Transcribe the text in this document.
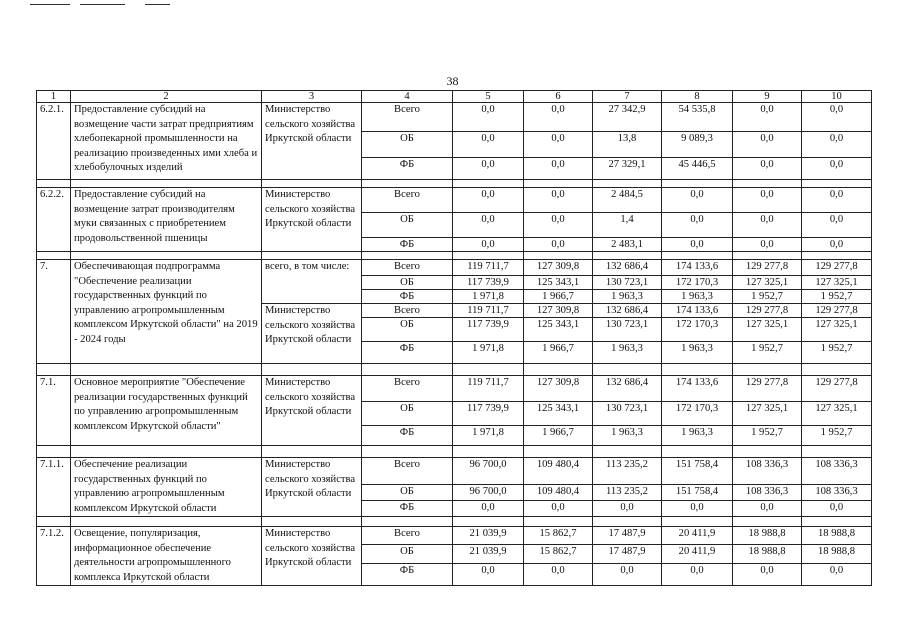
38
1	2	3	4	5	6	7	8	9	10
6.2.1.	Предоставление субсидий на возмещение части затрат предприятиям хлебопекарной промышленности на реализацию произведенных ими хлеба и хлебобулочных изделий	Министерство сельского хозяйства Иркутской области	Всего	0,0	0,0	27 342,9	54 535,8	0,0	0,0
			ОБ	0,0	0,0	13,8	9 089,3	0,0	0,0
			ФБ	0,0	0,0	27 329,1	45 446,5	0,0	0,0

6.2.2.	Предоставление субсидий на возмещение затрат производителям муки связанных с приобретением продовольственной пшеницы	Министерство сельского хозяйства Иркутской области	Всего	0,0	0,0	2 484,5	0,0	0,0	0,0
			ОБ	0,0	0,0	1,4	0,0	0,0	0,0
			ФБ	0,0	0,0	2 483,1	0,0	0,0	0,0

7.	Обеспечивающая подпрограмма "Обеспечение реализации государственных функций по управлению агропромышленным комплексом Иркутской области" на 2019 - 2024 годы	всего, в том числе:	Всего	119 711,7	127 309,8	132 686,4	174 133,6	129 277,8	129 277,8
			ОБ	117 739,9	125 343,1	130 723,1	172 170,3	127 325,1	127 325,1
			ФБ	1 971,8	1 966,7	1 963,3	1 963,3	1 952,7	1 952,7
		Министерство сельского хозяйства Иркутской области	Всего	119 711,7	127 309,8	132 686,4	174 133,6	129 277,8	129 277,8
			ОБ	117 739,9	125 343,1	130 723,1	172 170,3	127 325,1	127 325,1
			ФБ	1 971,8	1 966,7	1 963,3	1 963,3	1 952,7	1 952,7

7.1.	Основное мероприятие "Обеспечение реализации государственных функций по управлению агропромышленным комплексом Иркутской области"	Министерство сельского хозяйства Иркутской области	Всего	119 711,7	127 309,8	132 686,4	174 133,6	129 277,8	129 277,8
			ОБ	117 739,9	125 343,1	130 723,1	172 170,3	127 325,1	127 325,1
			ФБ	1 971,8	1 966,7	1 963,3	1 963,3	1 952,7	1 952,7

7.1.1.	Обеспечение реализации государственных функций по управлению агропромышленным комплексом Иркутской области	Министерство сельского хозяйства Иркутской области	Всего	96 700,0	109 480,4	113 235,2	151 758,4	108 336,3	108 336,3
			ОБ	96 700,0	109 480,4	113 235,2	151 758,4	108 336,3	108 336,3
			ФБ	0,0	0,0	0,0	0,0	0,0	0,0

7.1.2.	Освещение, популяризация, информационное обеспечение деятельности агропромышленного комплекса Иркутской области	Министерство сельского хозяйства Иркутской области	Всего	21 039,9	15 862,7	17 487,9	20 411,9	18 988,8	18 988,8
			ОБ	21 039,9	15 862,7	17 487,9	20 411,9	18 988,8	18 988,8
			ФБ	0,0	0,0	0,0	0,0	0,0	0,0
